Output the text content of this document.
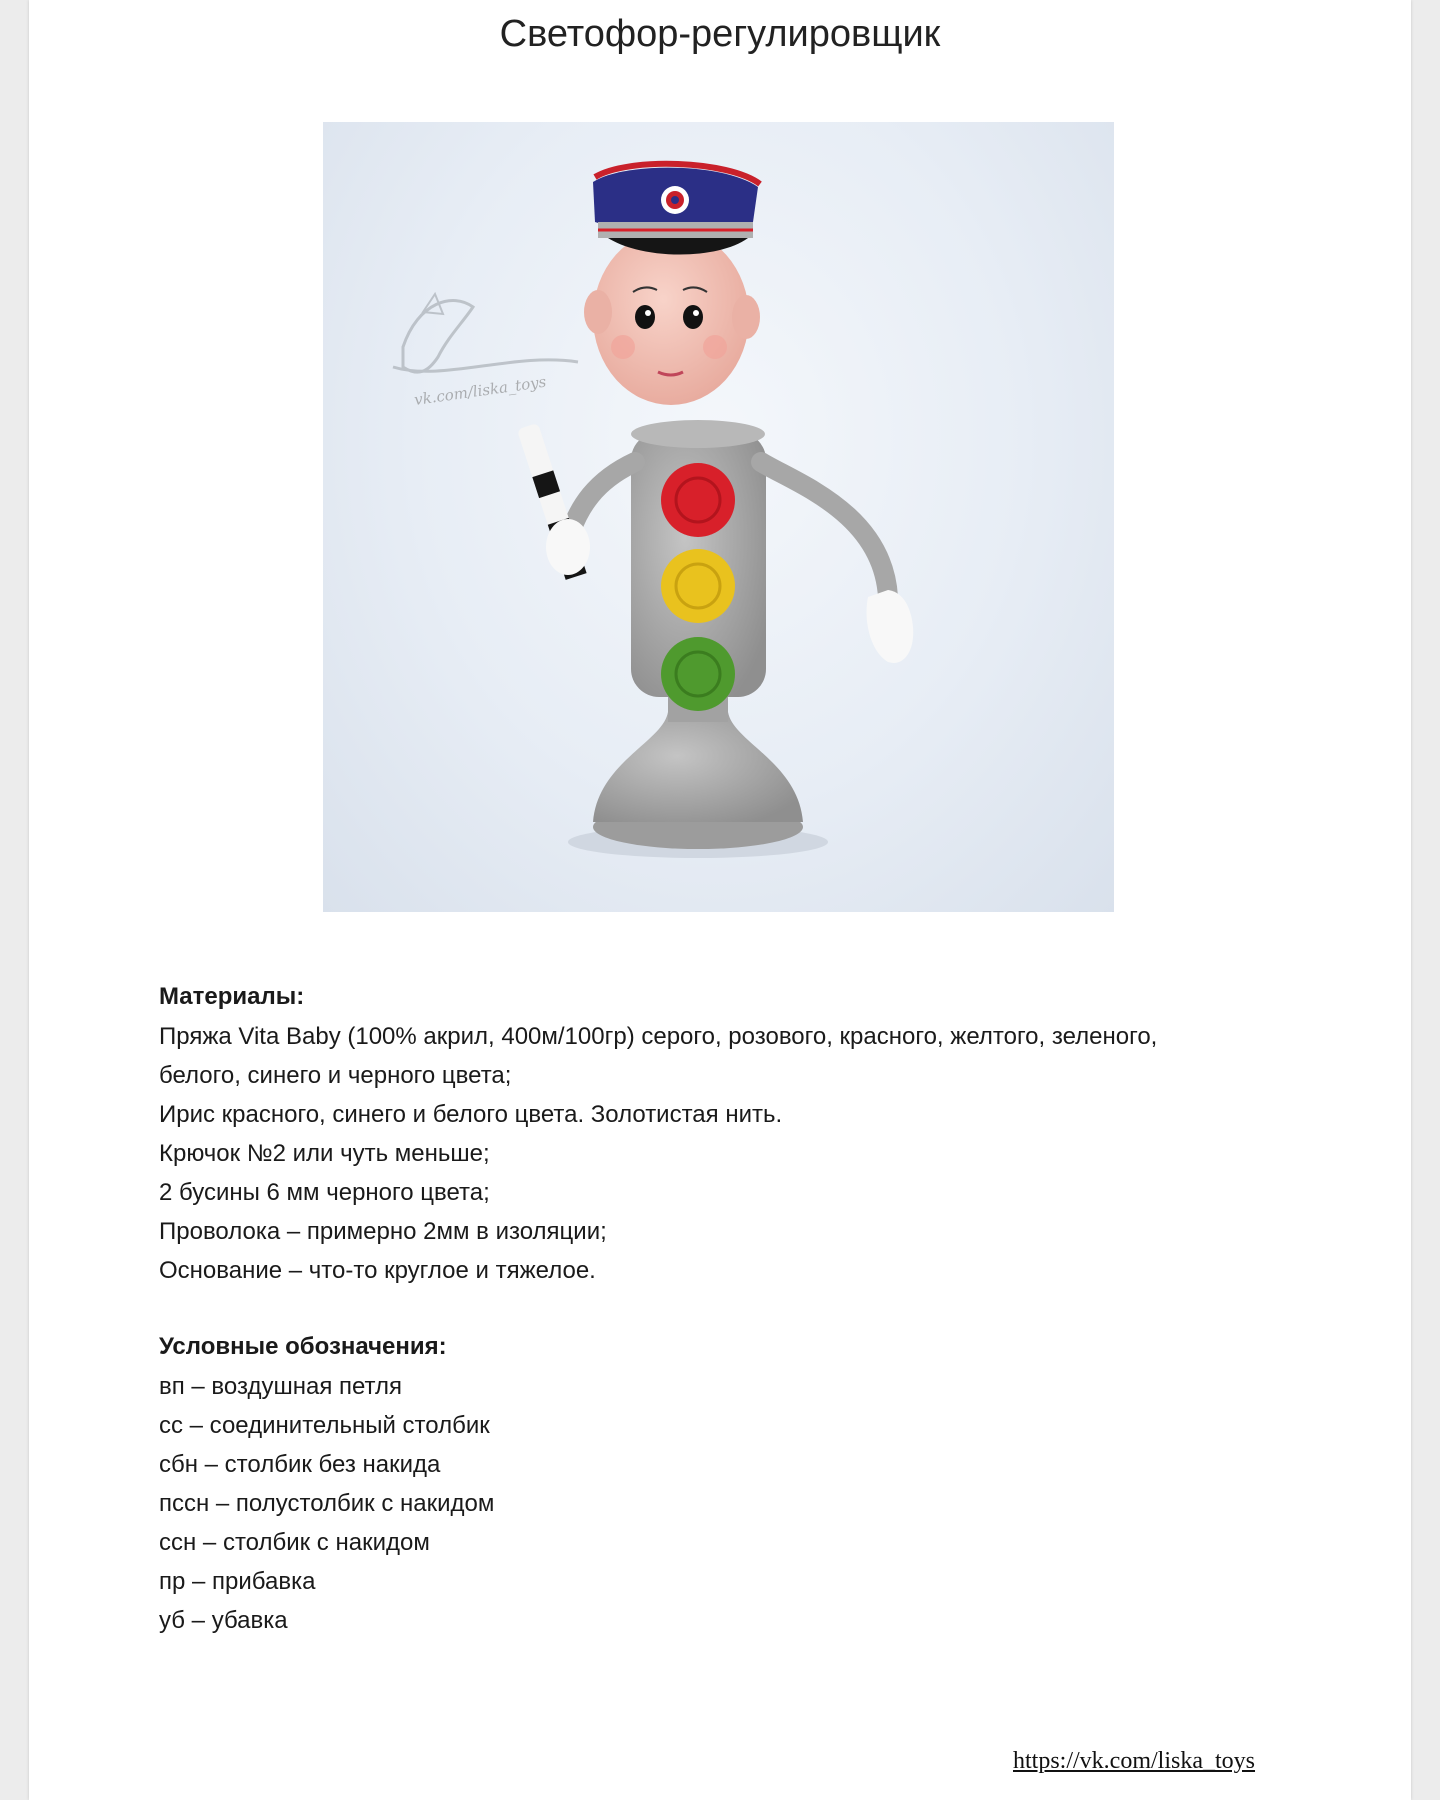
Светофор-регулировщик
vk.com/liska_toys
Материалы:
Пряжа Vita Baby (100% акрил, 400м/100гр) серого, розового, красного, желтого, зеленого,
белого, синего и черного цвета;
Ирис красного, синего и белого цвета. Золотистая нить.
Крючок №2 или чуть меньше;
2 бусины 6 мм черного цвета;
Проволока – примерно 2мм в изоляции;
Основание – что-то круглое и тяжелое.
Условные обозначения:
вп – воздушная петля
сс – соединительный столбик
сбн – столбик без накида
пссн – полустолбик с накидом
ссн – столбик с накидом
пр – прибавка
уб – убавка
https://vk.com/liska_toys
